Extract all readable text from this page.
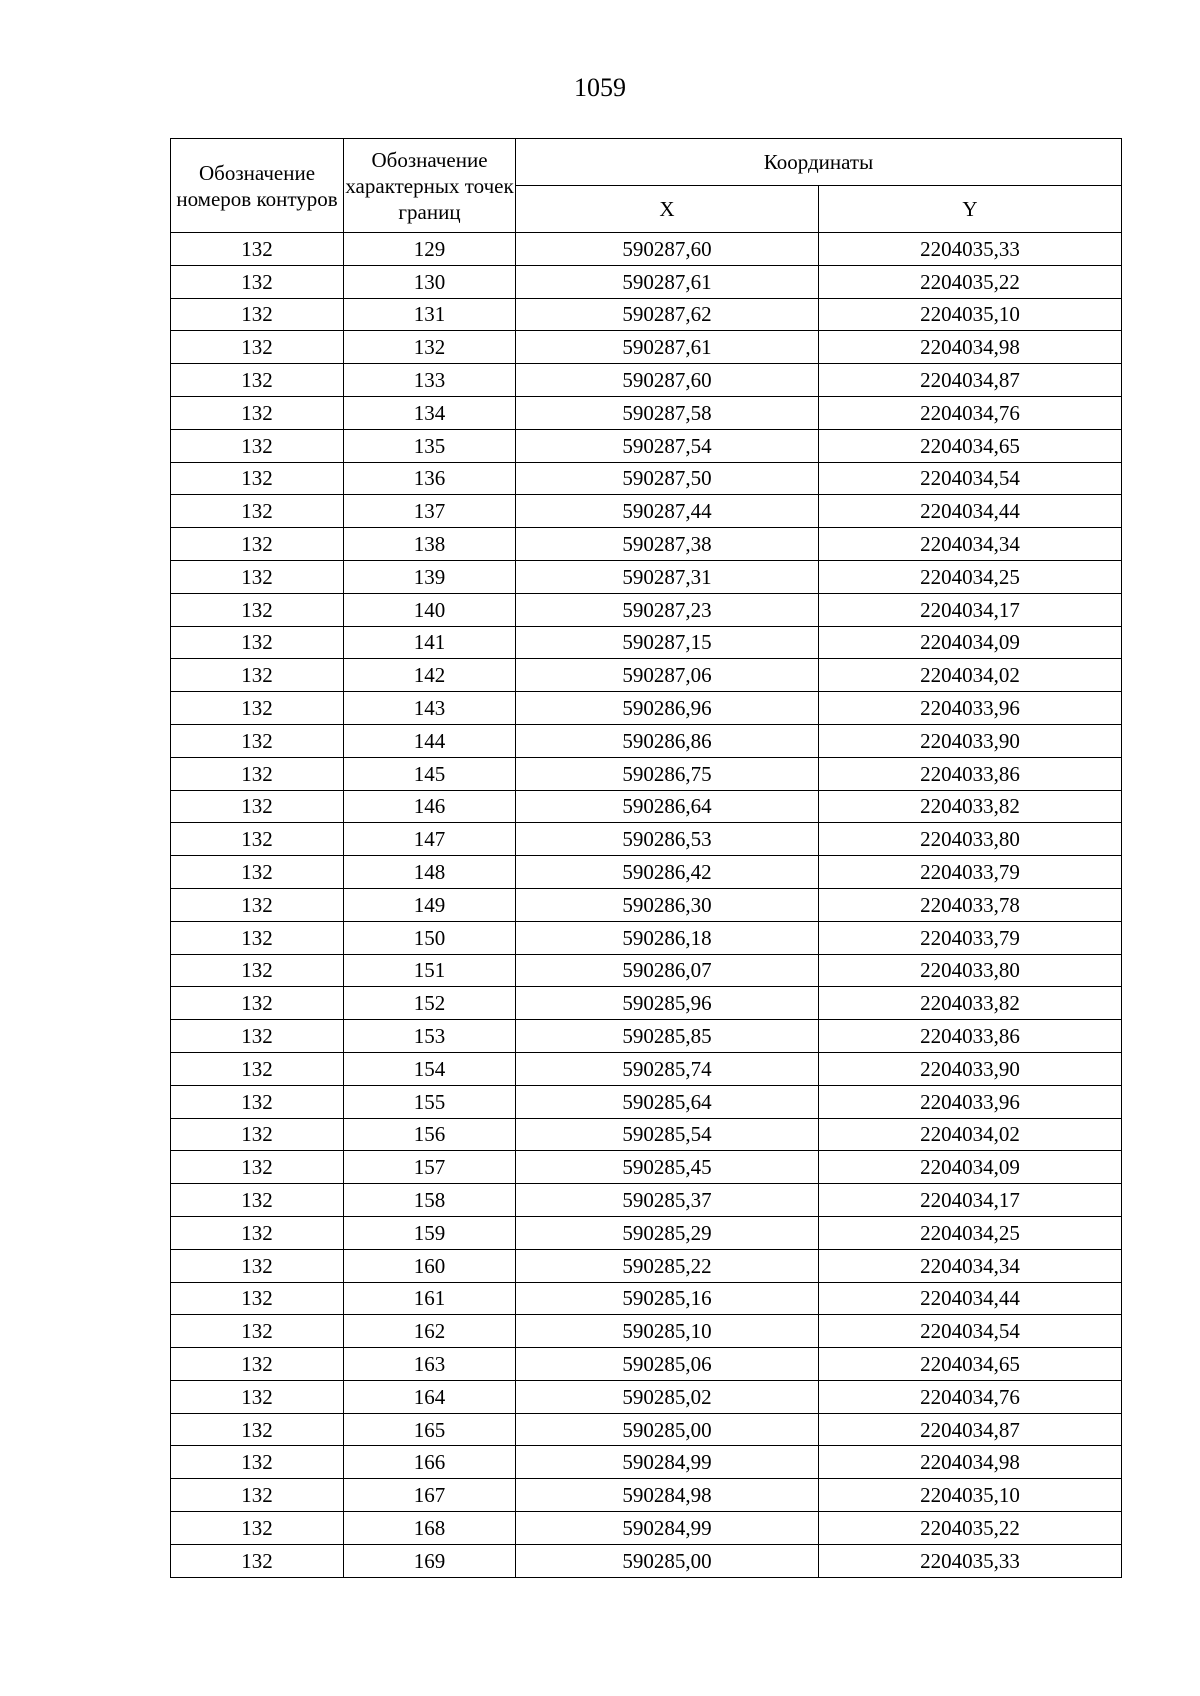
1059
Обозначение номеров контуров	Обозначение характерных точек границ	Координаты	
		X	Y
132	129	590287,60	2204035,33
132	130	590287,61	2204035,22
132	131	590287,62	2204035,10
132	132	590287,61	2204034,98
132	133	590287,60	2204034,87
132	134	590287,58	2204034,76
132	135	590287,54	2204034,65
132	136	590287,50	2204034,54
132	137	590287,44	2204034,44
132	138	590287,38	2204034,34
132	139	590287,31	2204034,25
132	140	590287,23	2204034,17
132	141	590287,15	2204034,09
132	142	590287,06	2204034,02
132	143	590286,96	2204033,96
132	144	590286,86	2204033,90
132	145	590286,75	2204033,86
132	146	590286,64	2204033,82
132	147	590286,53	2204033,80
132	148	590286,42	2204033,79
132	149	590286,30	2204033,78
132	150	590286,18	2204033,79
132	151	590286,07	2204033,80
132	152	590285,96	2204033,82
132	153	590285,85	2204033,86
132	154	590285,74	2204033,90
132	155	590285,64	2204033,96
132	156	590285,54	2204034,02
132	157	590285,45	2204034,09
132	158	590285,37	2204034,17
132	159	590285,29	2204034,25
132	160	590285,22	2204034,34
132	161	590285,16	2204034,44
132	162	590285,10	2204034,54
132	163	590285,06	2204034,65
132	164	590285,02	2204034,76
132	165	590285,00	2204034,87
132	166	590284,99	2204034,98
132	167	590284,98	2204035,10
132	168	590284,99	2204035,22
132	169	590285,00	2204035,33
